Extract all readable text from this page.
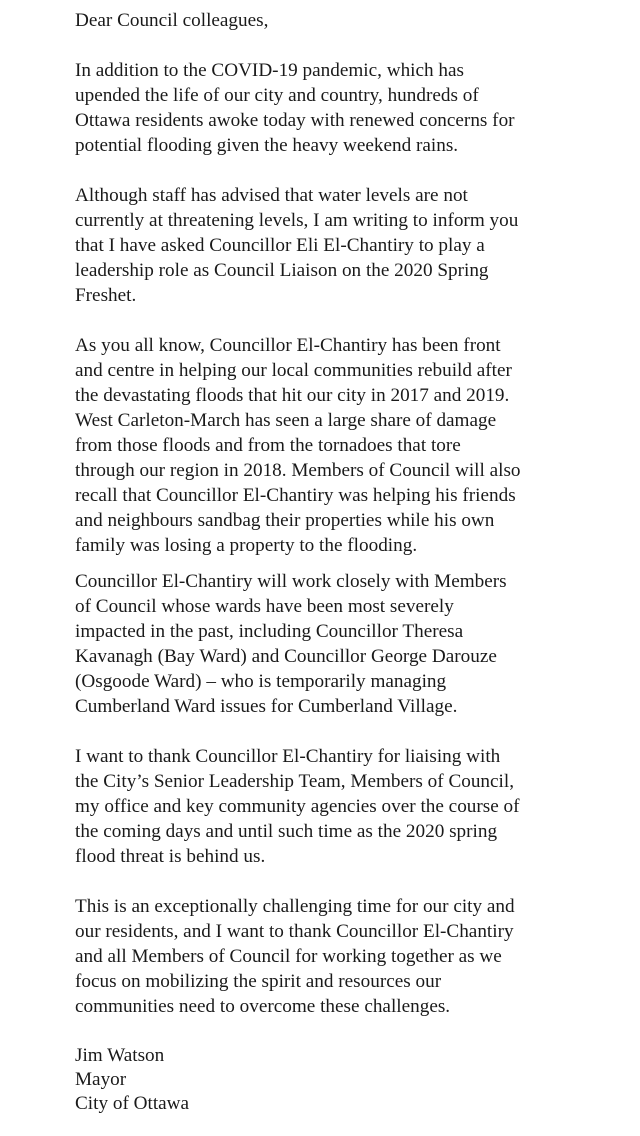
Dear Council colleagues,
In addition to the COVID-19 pandemic, which has
upended the life of our city and country, hundreds of
Ottawa residents awoke today with renewed concerns for
potential flooding given the heavy weekend rains.
Although staff has advised that water levels are not
currently at threatening levels, I am writing to inform you
that I have asked Councillor Eli El-Chantiry to play a
leadership role as Council Liaison on the 2020 Spring
Freshet.
As you all know, Councillor El-Chantiry has been front
and centre in helping our local communities rebuild after
the devastating floods that hit our city in 2017 and 2019.
West Carleton-March has seen a large share of damage
from those floods and from the tornadoes that tore
through our region in 2018. Members of Council will also
recall that Councillor El-Chantiry was helping his friends
and neighbours sandbag their properties while his own
family was losing a property to the flooding.
Councillor El-Chantiry will work closely with Members
of Council whose wards have been most severely
impacted in the past, including Councillor Theresa
Kavanagh (Bay Ward) and Councillor George Darouze
(Osgoode Ward) – who is temporarily managing
Cumberland Ward issues for Cumberland Village.
I want to thank Councillor El-Chantiry for liaising with
the City’s Senior Leadership Team, Members of Council,
my office and key community agencies over the course of
the coming days and until such time as the 2020 spring
flood threat is behind us.
This is an exceptionally challenging time for our city and
our residents, and I want to thank Councillor El-Chantiry
and all Members of Council for working together as we
focus on mobilizing the spirit and resources our
communities need to overcome these challenges.
Jim Watson
Mayor
City of Ottawa
